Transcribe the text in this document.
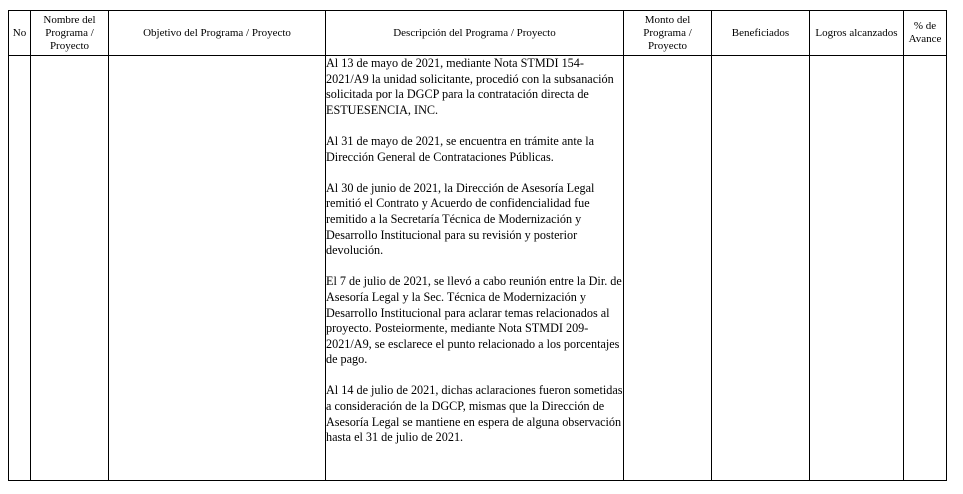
No	Nombre del Programa / Proyecto	Objetivo del Programa / Proyecto	Descripción del Programa / Proyecto	Monto del Programa / Proyecto	Beneficiados	Logros alcanzados	% de Avance

			Al 13 de mayo de 2021, mediante Nota STMDI 154-2021/A9 la unidad solicitante, procedió con la subsanación solicitada por la DGCP para la contratación directa de ESTUESENCIA, INC.

Al 31 de mayo de 2021, se encuentra en trámite ante la Dirección General de Contrataciones Públicas.

Al 30 de junio de 2021, la Dirección de Asesoría Legal remitió el Contrato y Acuerdo de confidencialidad fue remitido a la Secretaría Técnica de Modernización y Desarrollo Institucional para su revisión y posterior devolución.

El 7 de julio de 2021, se llevó a cabo reunión entre la Dir. de Asesoría Legal y la Sec. Técnica de Modernización y Desarrollo Institucional para aclarar temas relacionados al proyecto. Posteiormente, mediante Nota STMDI 209-2021/A9, se esclarece el punto relacionado a los porcentajes de pago.

Al 14 de julio de 2021, dichas aclaraciones fueron sometidas a consideración de la DGCP, mismas que la Dirección de Asesoría Legal se mantiene en espera de alguna observación hasta el 31 de julio de 2021.				
